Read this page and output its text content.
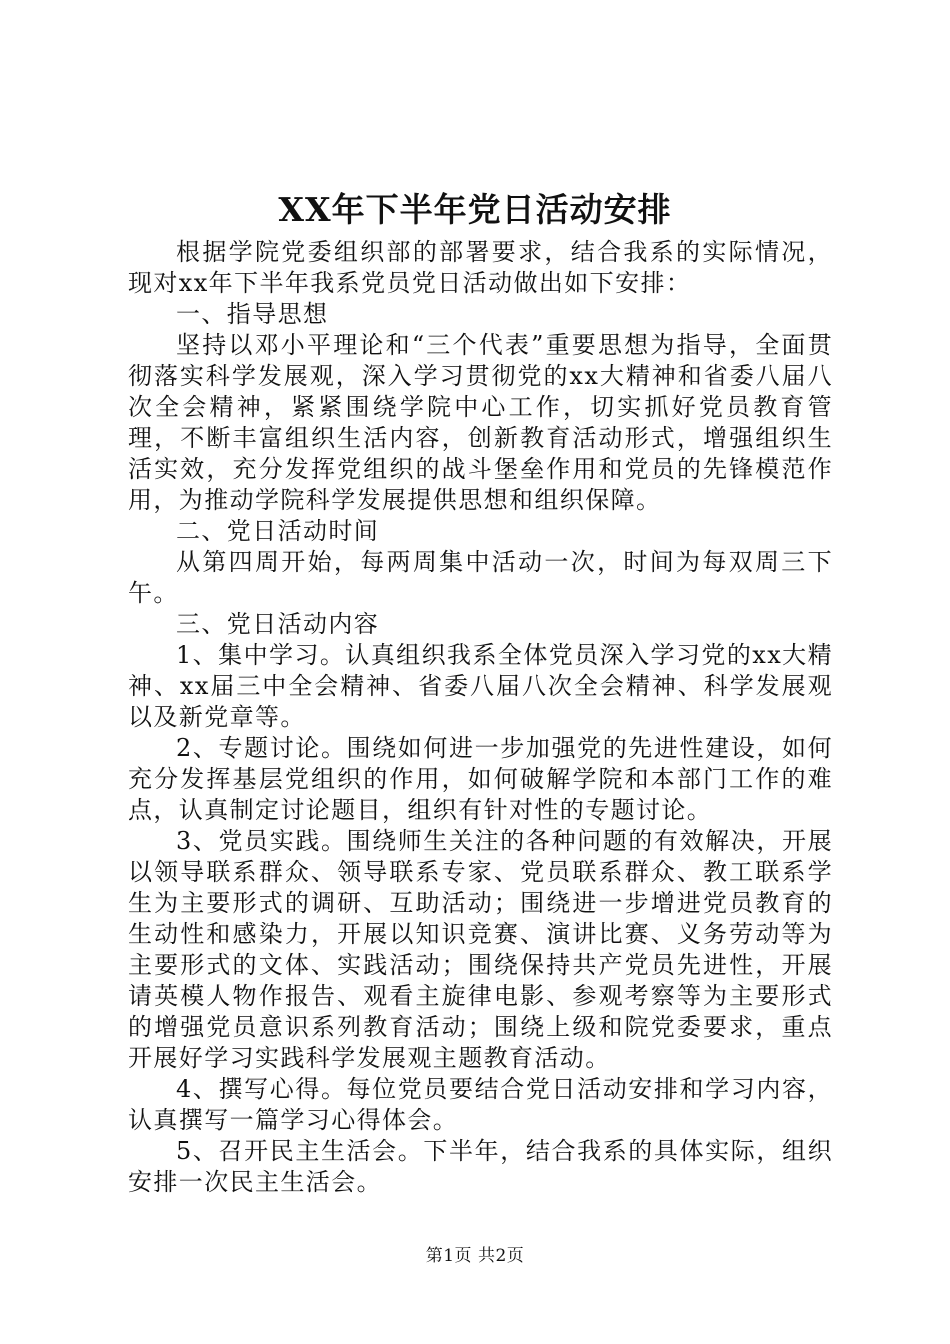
XX年下半年党日活动安排

根据学院党委组织部的部署要求，结合我系的实际情况，现对xx年下半年我系党员党日活动做出如下安排：

一、指导思想

坚持以邓小平理论和“三个代表”重要思想为指导，全面贯彻落实科学发展观，深入学习贯彻党的xx大精神和省委八届八次全会精神，紧紧围绕学院中心工作，切实抓好党员教育管理，不断丰富组织生活内容，创新教育活动形式，增强组织生活实效，充分发挥党组织的战斗堡垒作用和党员的先锋模范作用，为推动学院科学发展提供思想和组织保障。

二、党日活动时间

从第四周开始，每两周集中活动一次，时间为每双周三下午。

三、党日活动内容

1、集中学习。认真组织我系全体党员深入学习党的xx大精神、xx届三中全会精神、省委八届八次全会精神、科学发展观以及新党章等。

2、专题讨论。围绕如何进一步加强党的先进性建设，如何充分发挥基层党组织的作用，如何破解学院和本部门工作的难点，认真制定讨论题目，组织有针对性的专题讨论。

3、党员实践。围绕师生关注的各种问题的有效解决，开展以领导联系群众、领导联系专家、党员联系群众、教工联系学生为主要形式的调研、互助活动；围绕进一步增进党员教育的生动性和感染力，开展以知识竞赛、演讲比赛、义务劳动等为主要形式的文体、实践活动；围绕保持共产党员先进性，开展请英模人物作报告、观看主旋律电影、参观考察等为主要形式的增强党员意识系列教育活动；围绕上级和院党委要求，重点开展好学习实践科学发展观主题教育活动。

4、撰写心得。每位党员要结合党日活动安排和学习内容，认真撰写一篇学习心得体会。

5、召开民主生活会。下半年，结合我系的具体实际，组织安排一次民主生活会。

第1页 共2页
